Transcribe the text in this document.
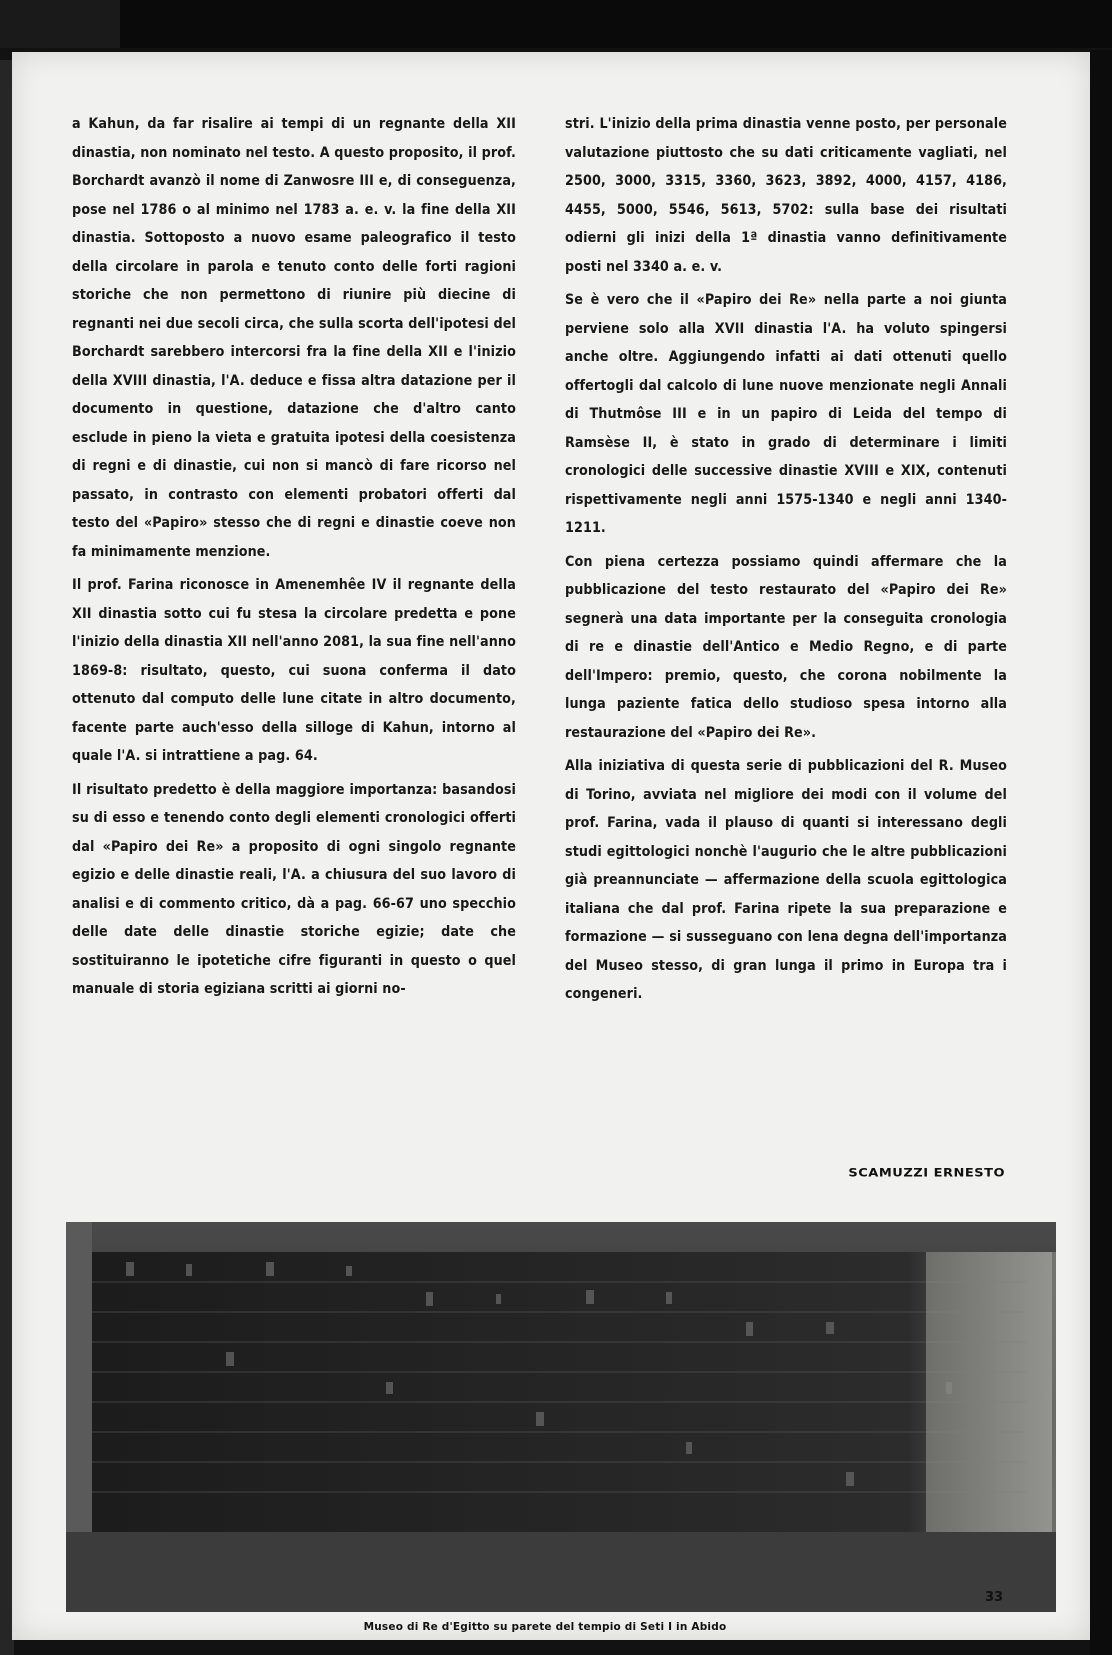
a Kahun, da far risalire ai tempi di un regnante della XII dinastia, non nominato nel testo. A questo proposito, il prof. Borchardt avanzò il nome di Zanwosre III e, di conseguenza, pose nel 1786 o al minimo nel 1783 a. e. v. la fine della XII dinastia. Sottoposto a nuovo esame paleografico il testo della circolare in parola e tenuto conto delle forti ragioni storiche che non permettono di riunire più diecine di regnanti nei due secoli circa, che sulla scorta dell'ipotesi del Borchardt sarebbero intercorsi fra la fine della XII e l'inizio della XVIII dinastia, l'A. deduce e fissa altra datazione per il documento in questione, datazione che d'altro canto esclude in pieno la vieta e gratuita ipotesi della coesistenza di regni e di dinastie, cui non si mancò di fare ricorso nel passato, in contrasto con elementi probatori offerti dal testo del «Papiro» stesso che di regni e dinastie coeve non fa minimamente menzione.

Il prof. Farina riconosce in Amenemhêe IV il regnante della XII dinastia sotto cui fu stesa la circolare predetta e pone l'inizio della dinastia XII nell'anno 2081, la sua fine nell'anno 1869-8: risultato, questo, cui suona conferma il dato ottenuto dal computo delle lune citate in altro documento, facente parte auch'esso della silloge di Kahun, intorno al quale l'A. si intrattiene a pag. 64.

Il risultato predetto è della maggiore importanza: basandosi su di esso e tenendo conto degli elementi cronologici offerti dal «Papiro dei Re» a proposito di ogni singolo regnante egizio e delle dinastie reali, l'A. a chiusura del suo lavoro di analisi e di commento critico, dà a pag. 66-67 uno specchio delle date delle dinastie storiche egizie; date che sostituiranno le ipotetiche cifre figuranti in questo o quel manuale di storia egiziana scritti ai giorni no-

stri. L'inizio della prima dinastia venne posto, per personale valutazione piuttosto che su dati criticamente vagliati, nel 2500, 3000, 3315, 3360, 3623, 3892, 4000, 4157, 4186, 4455, 5000, 5546, 5613, 5702: sulla base dei risultati odierni gli inizi della 1ª dinastia vanno definitivamente posti nel 3340 a. e. v.

Se è vero che il «Papiro dei Re» nella parte a noi giunta perviene solo alla XVII dinastia l'A. ha voluto spingersi anche oltre. Aggiungendo infatti ai dati ottenuti quello offertogli dal calcolo di lune nuove menzionate negli Annali di Thutmôse III e in un papiro di Leida del tempo di Ramsèse II, è stato in grado di determinare i limiti cronologici delle successive dinastie XVIII e XIX, contenuti rispettivamente negli anni 1575-1340 e negli anni 1340-1211.

Con piena certezza possiamo quindi affermare che la pubblicazione del testo restaurato del «Papiro dei Re» segnerà una data importante per la conseguita cronologia di re e dinastie dell'Antico e Medio Regno, e di parte dell'Impero: premio, questo, che corona nobilmente la lunga paziente fatica dello studioso spesa intorno alla restaurazione del «Papiro dei Re».

Alla iniziativa di questa serie di pubblicazioni del R. Museo di Torino, avviata nel migliore dei modi con il volume del prof. Farina, vada il plauso di quanti si interessano degli studi egittologici nonchè l'augurio che le altre pubblicazioni già preannunciate — affermazione della scuola egittologica italiana che dal prof. Farina ripete la sua preparazione e formazione — si susseguano con lena degna dell'importanza del Museo stesso, di gran lunga il primo in Europa tra i congeneri.

SCAMUZZI ERNESTO
Museo di Re d'Egitto su parete del tempio di Seti I in Abido
33
